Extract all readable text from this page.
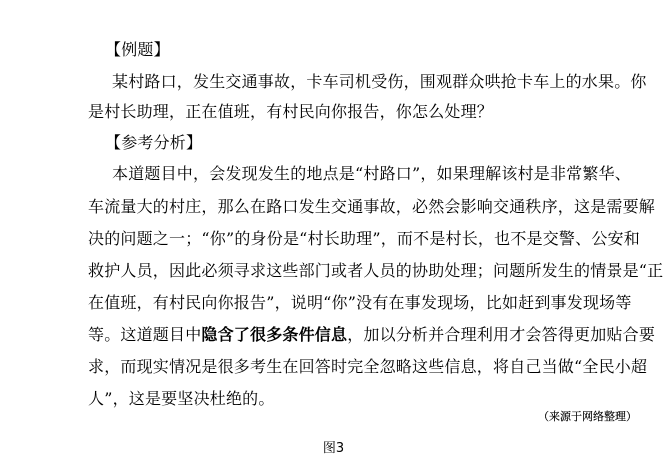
【例题】
某村路口，发生交通事故，卡车司机受伤，围观群众哄抢卡车上的水果。你
是村长助理，正在值班，有村民向你报告，你怎么处理？
【参考分析】
本道题目中，会发现发生的地点是“村路口”，如果理解该村是非常繁华、
车流量大的村庄，那么在路口发生交通事故，必然会影响交通秩序，这是需要解
决的问题之一；“你”的身份是“村长助理”，而不是村长，也不是交警、公安和
救护人员，因此必须寻求这些部门或者人员的协助处理；问题所发生的情景是“正
在值班，有村民向你报告”，说明“你”没有在事发现场，比如赶到事发现场等
等。这道题目中隐含了很多条件信息，加以分析并合理利用才会答得更加贴合要
求，而现实情况是很多考生在回答时完全忽略这些信息，将自己当做“全民小超
人”，这是要坚决杜绝的。
（来源于网络整理）
图3
